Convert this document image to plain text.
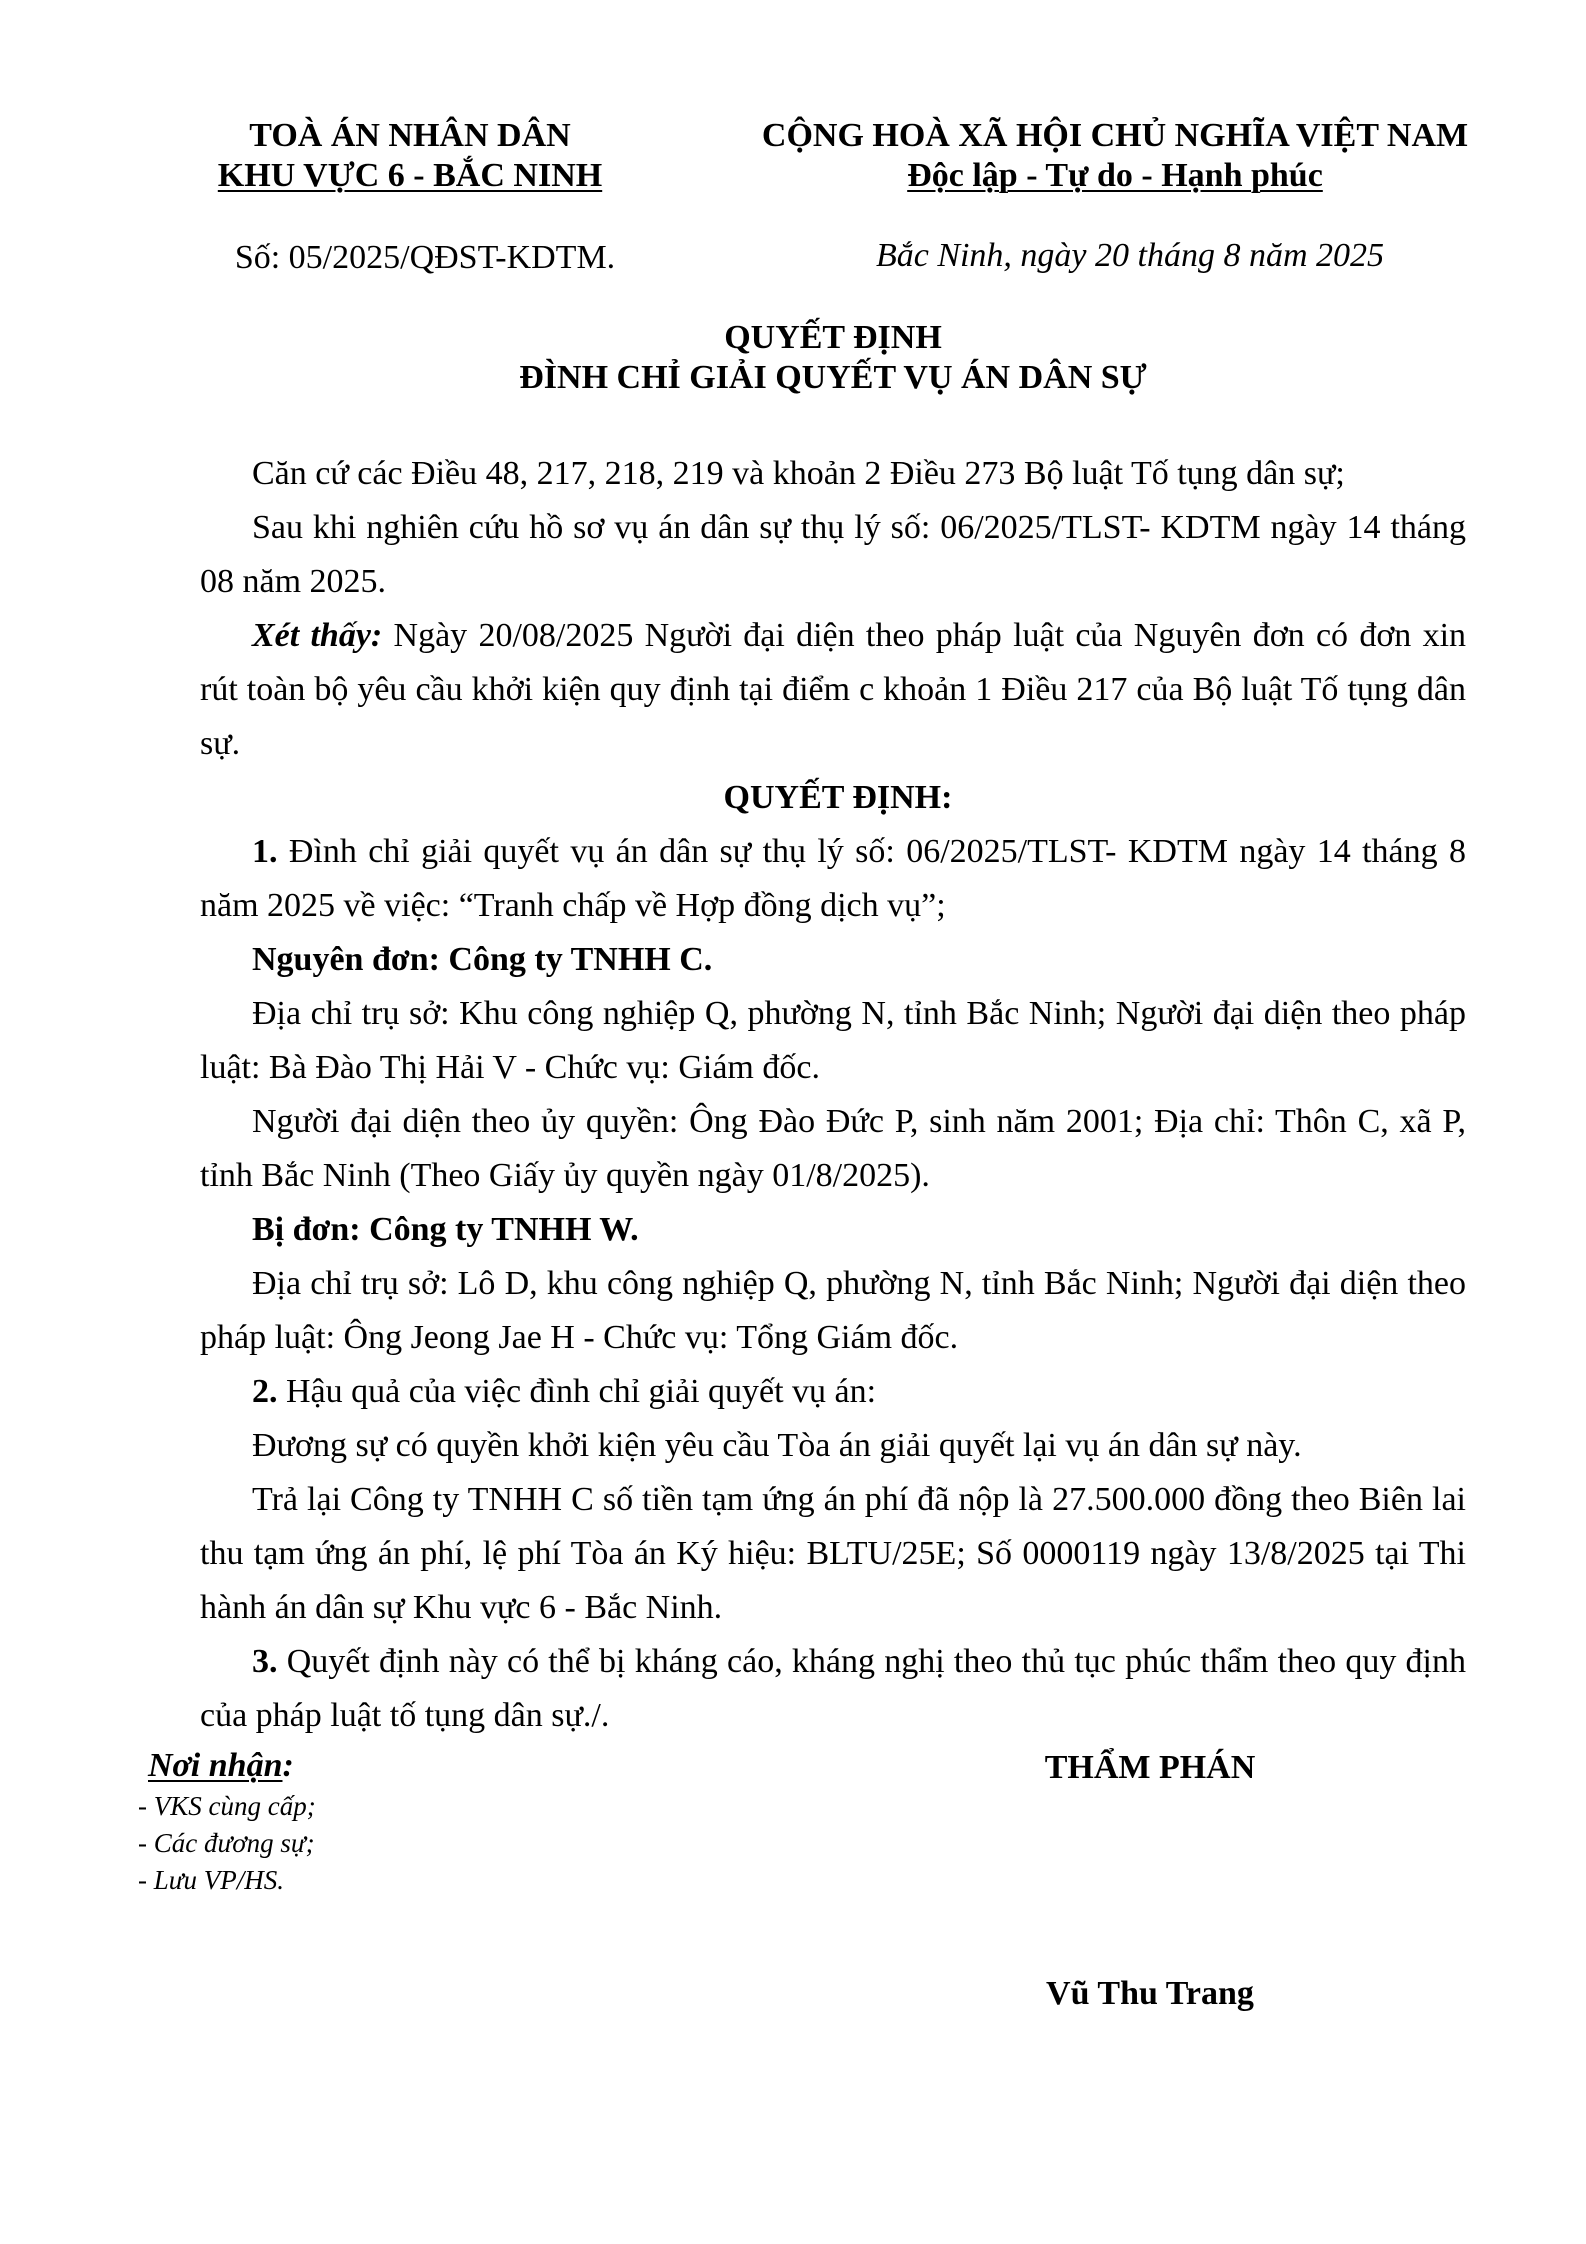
TOÀ ÁN NHÂN DÂN
KHU VỰC 6 - BẮC NINH
CỘNG HOÀ XÃ HỘI CHỦ NGHĨA VIỆT NAM
Độc lập - Tự do - Hạnh phúc
Số: 05/2025/QĐST-KDTM.	Bắc Ninh, ngày 20 tháng 8 năm 2025
QUYẾT ĐỊNH
ĐÌNH CHỈ GIẢI QUYẾT VỤ ÁN DÂN SỰ

Căn cứ các Điều 48, 217, 218, 219 và khoản 2 Điều 273 Bộ luật Tố tụng dân sự;

Sau khi nghiên cứu hồ sơ vụ án dân sự thụ lý số: 06/2025/TLST- KDTM ngày 14 tháng 08 năm 2025.

Xét thấy: Ngày 20/08/2025 Người đại diện theo pháp luật của Nguyên đơn có đơn xin rút toàn bộ yêu cầu khởi kiện quy định tại điểm c khoản 1 Điều 217 của Bộ luật Tố tụng dân sự.

QUYẾT ĐỊNH:

1. Đình chỉ giải quyết vụ án dân sự thụ lý số: 06/2025/TLST- KDTM ngày 14 tháng 8 năm 2025 về việc: “Tranh chấp về Hợp đồng dịch vụ”;

Nguyên đơn: Công ty TNHH C.

Địa chỉ trụ sở: Khu công nghiệp Q, phường N, tỉnh Bắc Ninh; Người đại diện theo pháp luật: Bà Đào Thị Hải V - Chức vụ: Giám đốc.

Người đại diện theo ủy quyền: Ông Đào Đức P, sinh năm 2001; Địa chỉ: Thôn C, xã P, tỉnh Bắc Ninh (Theo Giấy ủy quyền ngày 01/8/2025).

Bị đơn: Công ty TNHH W.

Địa chỉ trụ sở: Lô D, khu công nghiệp Q, phường N, tỉnh Bắc Ninh; Người đại diện theo pháp luật: Ông Jeong Jae H - Chức vụ: Tổng Giám đốc.

2. Hậu quả của việc đình chỉ giải quyết vụ án:

Đương sự có quyền khởi kiện yêu cầu Tòa án giải quyết lại vụ án dân sự này.

Trả lại Công ty TNHH C số tiền tạm ứng án phí đã nộp là 27.500.000 đồng theo Biên lai thu tạm ứng án phí, lệ phí Tòa án Ký hiệu: BLTU/25E; Số 0000119 ngày 13/8/2025 tại Thi hành án dân sự Khu vực 6 - Bắc Ninh.

3. Quyết định này có thể bị kháng cáo, kháng nghị theo thủ tục phúc thẩm theo quy định của pháp luật tố tụng dân sự./.

Nơi nhận:
- VKS cùng cấp;
- Các đương sự;
- Lưu VP/HS.
THẨM PHÁN
Vũ Thu Trang
